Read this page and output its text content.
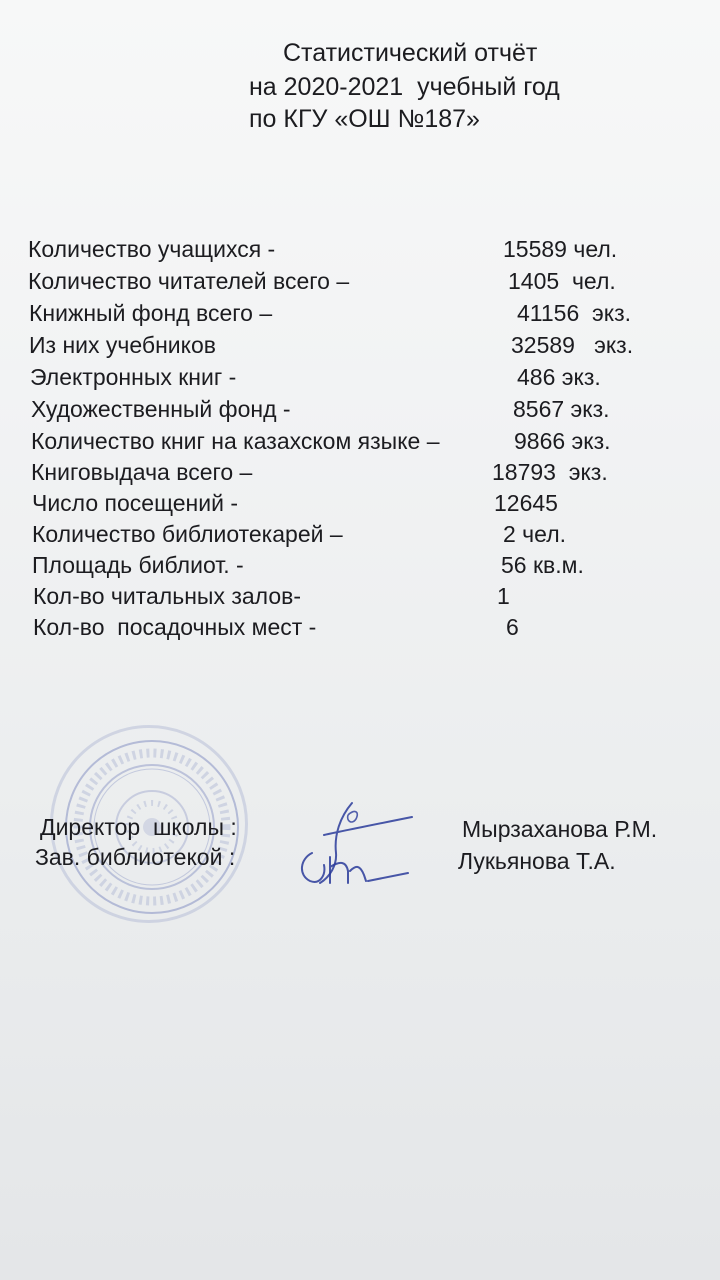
Статистический отчёт
на 2020-2021  учебный год
по КГУ «ОШ №187»
Количество учащихся -	15589 чел.
Количество читателей всего –	1405  чел.
Книжный фонд всего –	41156  экз.
Из них учебников	32589   экз.
Электронных книг -	486 экз.
Художественный фонд -	8567 экз.
Количество книг на казахском языке –	9866 экз.
Книговыдача всего –	18793  экз.
Число посещений -	12645
Количество библиотекарей –	2 чел.
Площадь библиот. -	56 кв.м.
Кол-во читальных залов-	1
Кол-во  посадочных мест -	6
Директор  школы :	Мырзаханова Р.М.
Зав. библиотекой :	Лукьянова Т.А.
